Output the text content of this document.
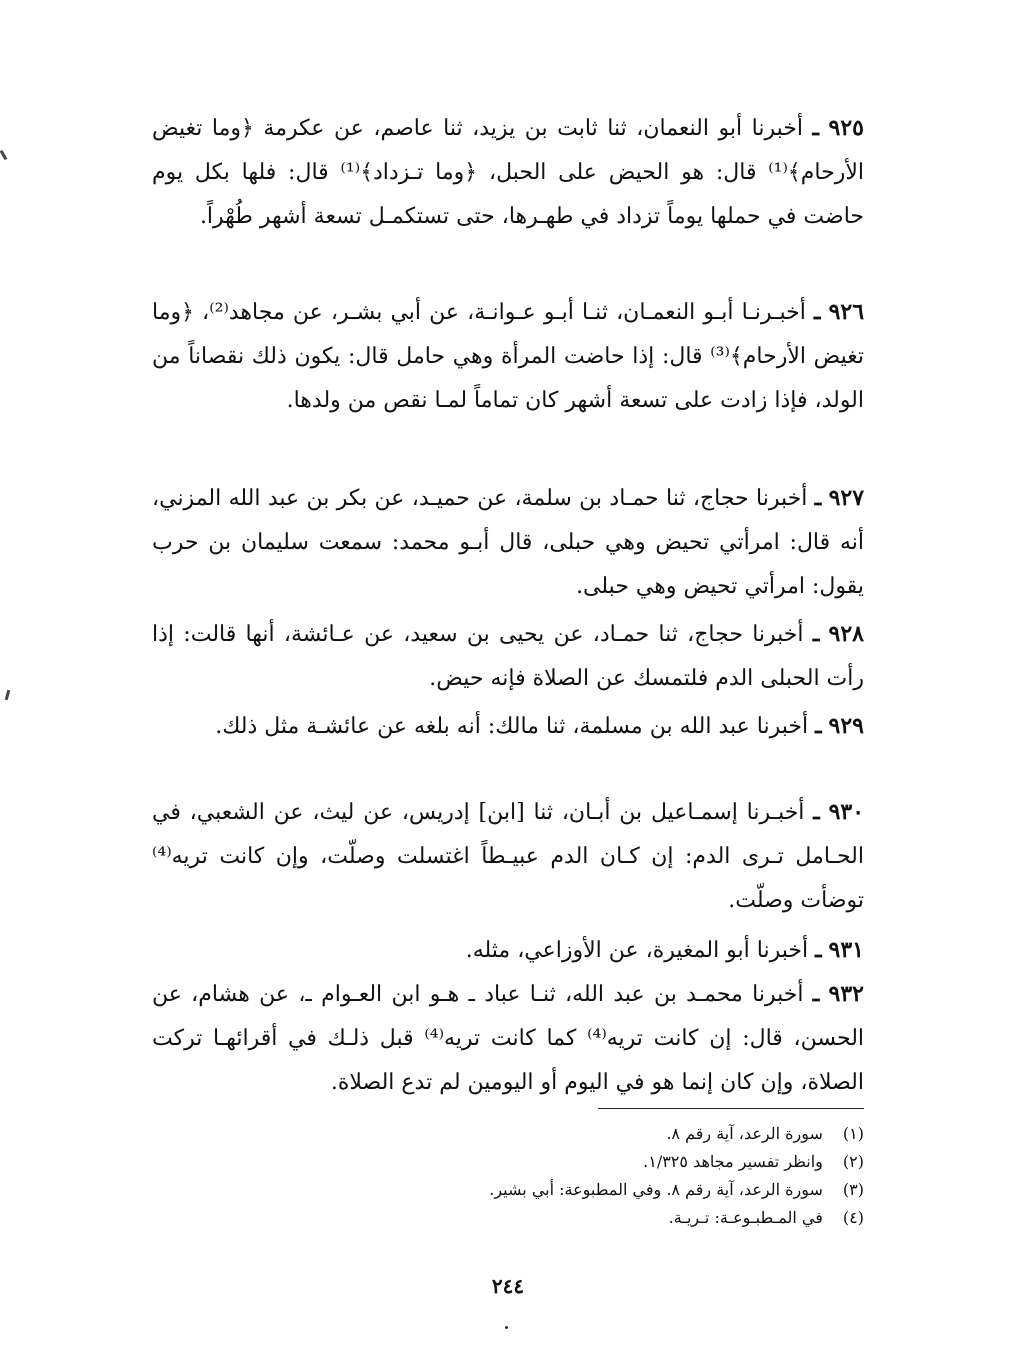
٩٢٥ ـ أخبرنا أبو النعمان، ثنا ثابت بن يزيد، ثنا عاصم، عن عكرمة ﴿وما تغيض الأرحام﴾⁽¹⁾ قال: هو الحيض على الحبل، ﴿وما تـزداد﴾⁽¹⁾ قال: فلها بكل يوم حاضت في حملها يوماً تزداد في طهـرها، حتى تستكمـل تسعة أشهر طُهْراً.

٩٢٦ ـ أخبـرنـا أبـو النعمـان، ثنـا أبـو عـوانـة، عن أبي بشـر، عن مجاهد⁽²⁾، ﴿وما تغيض الأرحام﴾⁽³⁾ قال: إذا حاضت المرأة وهي حامل قال: يكون ذلك نقصاناً من الولد، فإذا زادت على تسعة أشهر كان تماماً لمـا نقص من ولدها.

٩٢٧ ـ أخبرنا حجاج، ثنا حمـاد بن سلمة، عن حميـد، عن بكر بن عبد الله المزني، أنه قال: امرأتي تحيض وهي حبلى، قال أبـو محمد: سمعت سليمان بن حرب يقول: امرأتي تحيض وهي حبلى.

٩٢٨ ـ أخبرنا حجاج، ثنا حمـاد، عن يحيى بن سعيد، عن عـائشة، أنها قالت: إذا رأت الحبلى الدم فلتمسك عن الصلاة فإنه حيض.

٩٢٩ ـ أخبرنا عبد الله بن مسلمة، ثنا مالك: أنه بلغه عن عائشـة مثل ذلك.

٩٣٠ ـ أخبـرنا إسمـاعيل بن أبـان، ثنا [ابن] إدريس، عن ليث، عن الشعبي، في الحـامل تـرى الدم: إن كـان الدم عبيـطاً اغتسلت وصلّت، وإن كانت تريه⁽⁴⁾ توضأت وصلّت.

٩٣١ ـ أخبرنا أبو المغيرة، عن الأوزاعي، مثله.

٩٣٢ ـ أخبرنا محمـد بن عبد الله، ثنـا عباد ـ هـو ابن العـوام ـ، عن هشام، عن الحسن، قال: إن كانت تريه⁽⁴⁾ كما كانت تريه⁽⁴⁾ قبل ذلـك في أقرائهـا تركت الصلاة، وإن كان إنما هو في اليوم أو اليومين لم تدع الصلاة.

(١) سورة الرعد، آية رقم ٨.

(٢) وانظر تفسير مجاهد ١/٣٢٥.

(٣) سورة الرعد، آية رقم ٨. وفي المطبوعة: أبي بشير.

(٤) في المـطبـوعـة: تـريـة.

٢٤٤
